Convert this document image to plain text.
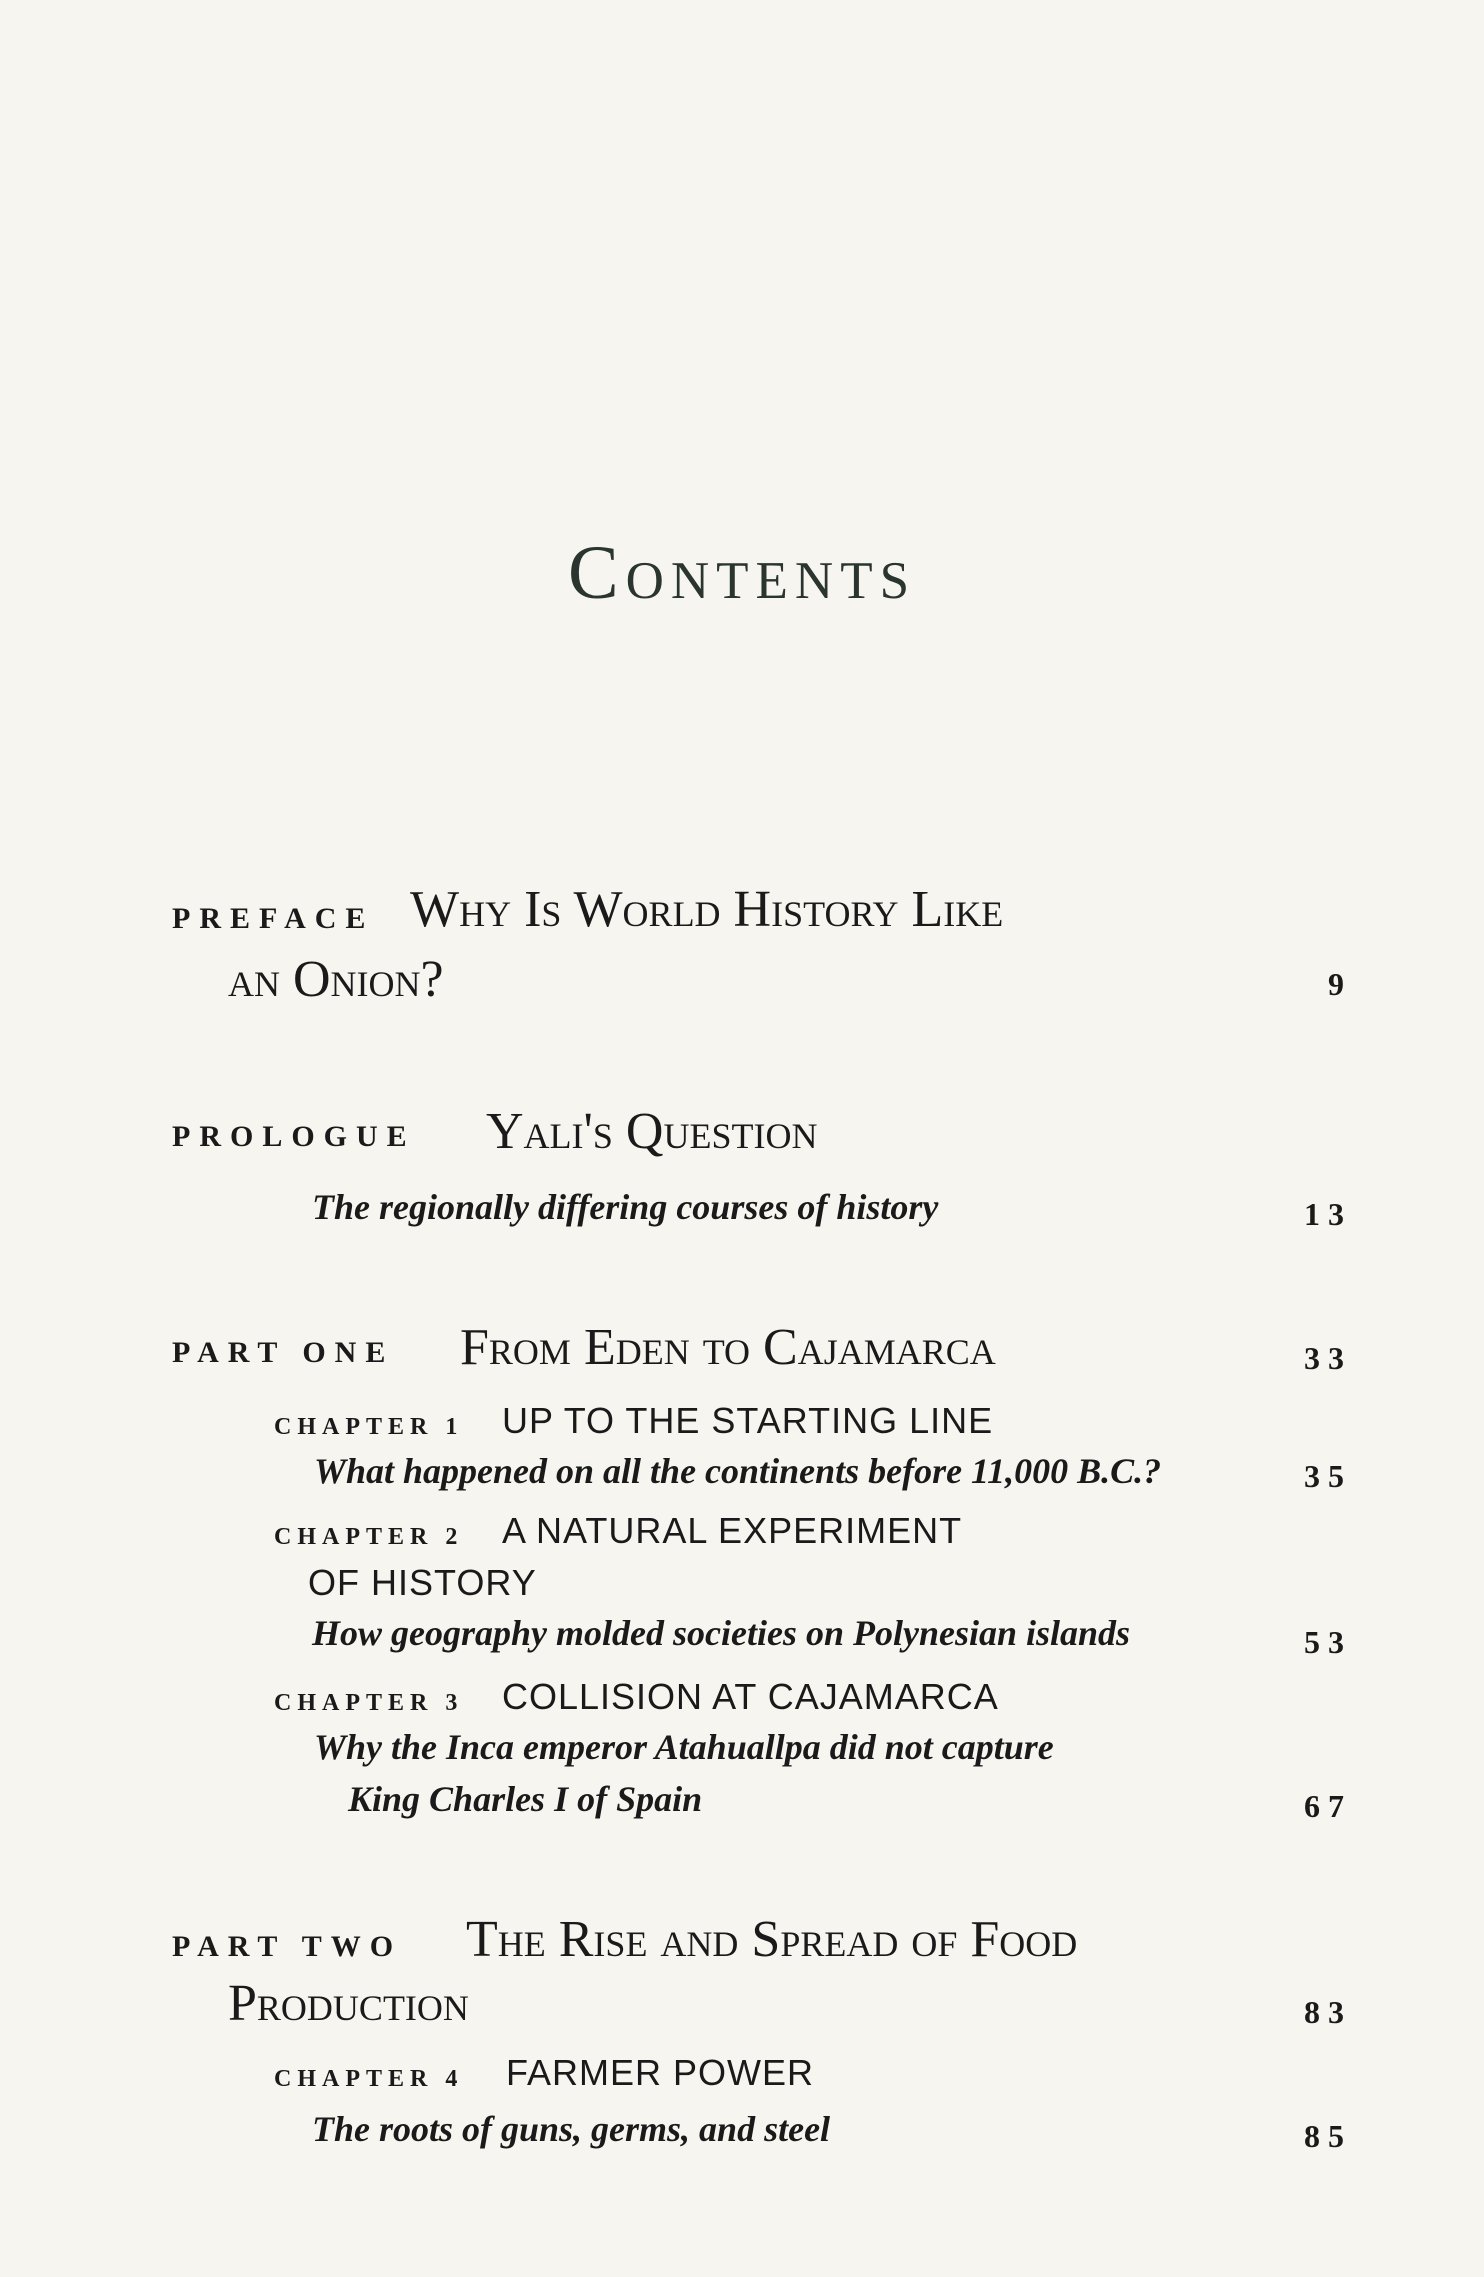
Contents
PREFACE Why Is World History Like
an Onion?	9
PROLOGUE Yali's Question
The regionally differing courses of history	13
PART ONE From Eden to Cajamarca	33
CHAPTER 1 UP TO THE STARTING LINE
What happened on all the continents before 11,000 B.C.?	35
CHAPTER 2 A NATURAL EXPERIMENT
OF HISTORY
How geography molded societies on Polynesian islands	53
CHAPTER 3 COLLISION AT CAJAMARCA
Why the Inca emperor Atahuallpa did not capture
King Charles I of Spain	67
PART TWO The Rise and Spread of Food
Production	83
CHAPTER 4 FARMER POWER
The roots of guns, germs, and steel	85
